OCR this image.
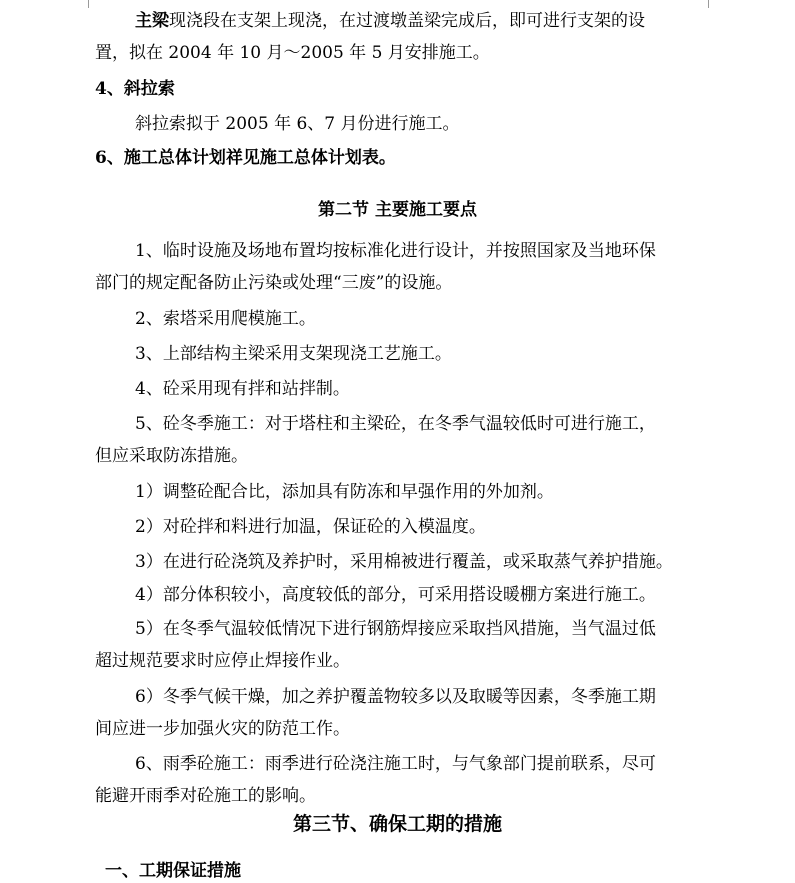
主梁现浇段在支架上现浇，在过渡墩盖梁完成后，即可进行支架的设
置，拟在 2004 年 10 月～2005 年 5 月安排施工。
4、斜拉索
斜拉索拟于 2005 年 6、7 月份进行施工。
6、施工总体计划祥见施工总体计划表。
第二节 主要施工要点
1、临时设施及场地布置均按标准化进行设计，并按照国家及当地环保
部门的规定配备防止污染或处理“三废”的设施。
2、索塔采用爬模施工。
3、上部结构主梁采用支架现浇工艺施工。
4、砼采用现有拌和站拌制。
5、砼冬季施工：对于塔柱和主梁砼，在冬季气温较低时可进行施工，
但应采取防冻措施。
1）调整砼配合比，添加具有防冻和早强作用的外加剂。
2）对砼拌和料进行加温，保证砼的入模温度。
3）在进行砼浇筑及养护时，采用棉被进行覆盖，或采取蒸气养护措施。
4）部分体积较小，高度较低的部分，可采用搭设暖棚方案进行施工。
5）在冬季气温较低情况下进行钢筋焊接应采取挡风措施，当气温过低
超过规范要求时应停止焊接作业。
6）冬季气候干燥，加之养护覆盖物较多以及取暖等因素，冬季施工期
间应进一步加强火灾的防范工作。
6、雨季砼施工：雨季进行砼浇注施工时，与气象部门提前联系，尽可
能避开雨季对砼施工的影响。
第三节、确保工期的措施
一、工期保证措施
